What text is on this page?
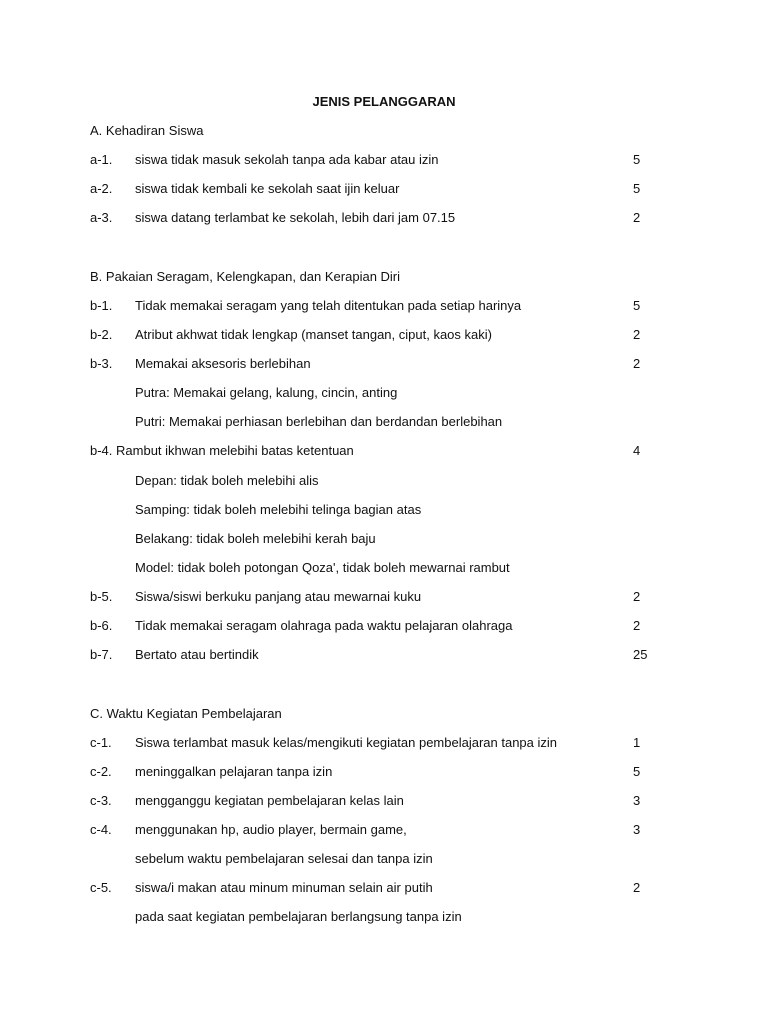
JENIS PELANGGARAN
A. Kehadiran Siswa
a-1. siswa tidak masuk sekolah tanpa ada kabar atau izin	5
a-2. siswa tidak kembali ke sekolah saat ijin keluar	5
a-3. siswa datang terlambat ke sekolah, lebih dari jam 07.15	2
B. Pakaian Seragam, Kelengkapan, dan Kerapian Diri
b-1. Tidak memakai seragam yang telah ditentukan pada setiap harinya	5
b-2. Atribut akhwat tidak lengkap (manset tangan, ciput, kaos kaki)	2
b-3. Memakai aksesoris berlebihan	2
Putra: Memakai gelang, kalung, cincin, anting
Putri: Memakai perhiasan berlebihan dan berdandan berlebihan
b-4. Rambut ikhwan melebihi batas ketentuan	4
Depan: tidak boleh melebihi alis
Samping: tidak boleh melebihi telinga bagian atas
Belakang: tidak boleh melebihi kerah baju
Model: tidak boleh potongan Qoza', tidak boleh mewarnai rambut
b-5. Siswa/siswi berkuku panjang atau mewarnai kuku	2
b-6. Tidak memakai seragam olahraga pada waktu pelajaran olahraga	2
b-7. Bertato atau bertindik	25
C. Waktu Kegiatan Pembelajaran
c-1. Siswa terlambat masuk kelas/mengikuti kegiatan pembelajaran tanpa izin	1
c-2. meninggalkan pelajaran tanpa izin	5
c-3. mengganggu kegiatan pembelajaran kelas lain	3
c-4. menggunakan hp, audio player, bermain game,	3
sebelum waktu pembelajaran selesai dan tanpa izin
c-5. siswa/i makan atau minum minuman selain air putih	2
pada saat kegiatan pembelajaran berlangsung tanpa izin
